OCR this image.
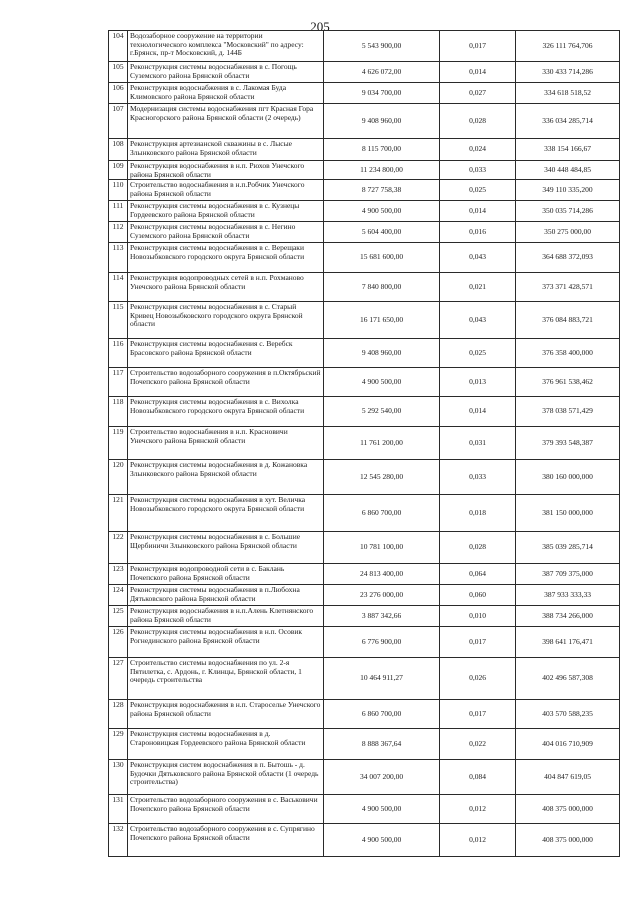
205
104	Водозаборное сооружение на территории технологического комплекса "Московский" по адресу: г.Брянск, пр-т Московский, д. 144Б	5 543 900,00	0,017	326 111 764,706
105	Реконструкция системы водоснабжения в с. Погощь Суземского района Брянской области	4 626 072,00	0,014	330 433 714,286
106	Реконструкция водоснабжения в с. Лакомая Буда Климовского района Брянской области	9 034 700,00	0,027	334 618 518,52
107	Модернизация системы водоснабжения пгт Красная Гора Красногорского района Брянской области (2 очередь)	9 408 960,00	0,028	336 034 285,714
108	Реконструкция артезианской скважины в с. Лысые Злынковского района Брянской области	8 115 700,00	0,024	338 154 166,67
109	Реконструкция водоснабжения в н.п. Рюхов Унечского района Брянской области	11 234 800,00	0,033	340 448 484,85
110	Строительство водоснабжения в н.п.Робчик Унечского района Брянской области	8 727 758,38	0,025	349 110 335,200
111	Реконструкция системы водоснабжения в с. Кузнецы Гордеевского района Брянской области	4 900 500,00	0,014	350 035 714,286
112	Реконструкция системы водоснабжения в с. Негино Суземского района Брянской области	5 604 400,00	0,016	350 275 000,00
113	Реконструкция системы водоснабжения в с. Верещаки Новозыбковского городского округа Брянской области	15 681 600,00	0,043	364 688 372,093
114	Реконструкция водопроводных сетей в н.п. Рохманово Унечского района Брянской области	7 840 800,00	0,021	373 371 428,571
115	Реконструкция системы водоснабжения в с. Старый Кривец Новозыбковского городского округа Брянской области	16 171 650,00	0,043	376 084 883,721
116	Реконструкция системы водоснабжения с. Веребск Брасовского района Брянской области	9 408 960,00	0,025	376 358 400,000
117	Строительство водозаборного сооружения в п.Октябрьский Почепского района Брянской области	4 900 500,00	0,013	376 961 538,462
118	Реконструкция системы водоснабжения в с. Вихолка Новозыбковского городского округа Брянской области	5 292 540,00	0,014	378 038 571,429
119	Строительство водоснабжения в н.п. Красновичи Унечского района Брянской области	11 761 200,00	0,031	379 393 548,387
120	Реконструкция системы водоснабжения в д. Кожановка Злынковского района Брянской области	12 545 280,00	0,033	380 160 000,000
121	Реконструкция системы водоснабжения в хут. Величка Новозыбковского городского округа Брянской области	6 860 700,00	0,018	381 150 000,000
122	Реконструкция системы водоснабжения в с. Большие Щербиничи Злынковского района Брянской области	10 781 100,00	0,028	385 039 285,714
123	Реконструкция водопроводной сети в с. Баклань Почепского района Брянской области	24 813 400,00	0,064	387 709 375,000
124	Реконструкция системы водоснабжения в п.Любохна Дятьковского района Брянской области	23 276 000,00	0,060	387 933 333,33
125	Реконструкция водоснабжения в н.п.Алень Клетнянского района Брянской области	3 887 342,66	0,010	388 734 266,000
126	Реконструкция системы водоснабжения в н.п. Осовик Рогнединского района Брянской области	6 776 900,00	0,017	398 641 176,471
127	Строительство системы водоснабжения по ул. 2-я Пятилетка, с. Ардонь, г. Клинцы, Брянской области, 1 очередь строительства	10 464 911,27	0,026	402 496 587,308
128	Реконструкция водоснабжения в н.п. Староселье Унечского района Брянской области	6 860 700,00	0,017	403 570 588,235
129	Реконструкция системы водоснабжения в д. Староновицкая Гордеевского района Брянской области	8 888 367,64	0,022	404 016 710,909
130	Реконструкция систем водоснабжения в п. Бытошь - д. Будочки Дятьковского района Брянской области (1 очередь строительства)	34 007 200,00	0,084	404 847 619,05
131	Строительство водозаборного сооружения в с. Васьковичи Почепского района Брянской области	4 900 500,00	0,012	408 375 000,000
132	Строительство водозаборного сооружения в с. Супрягино Почепского района Брянской области	4 900 500,00	0,012	408 375 000,000
